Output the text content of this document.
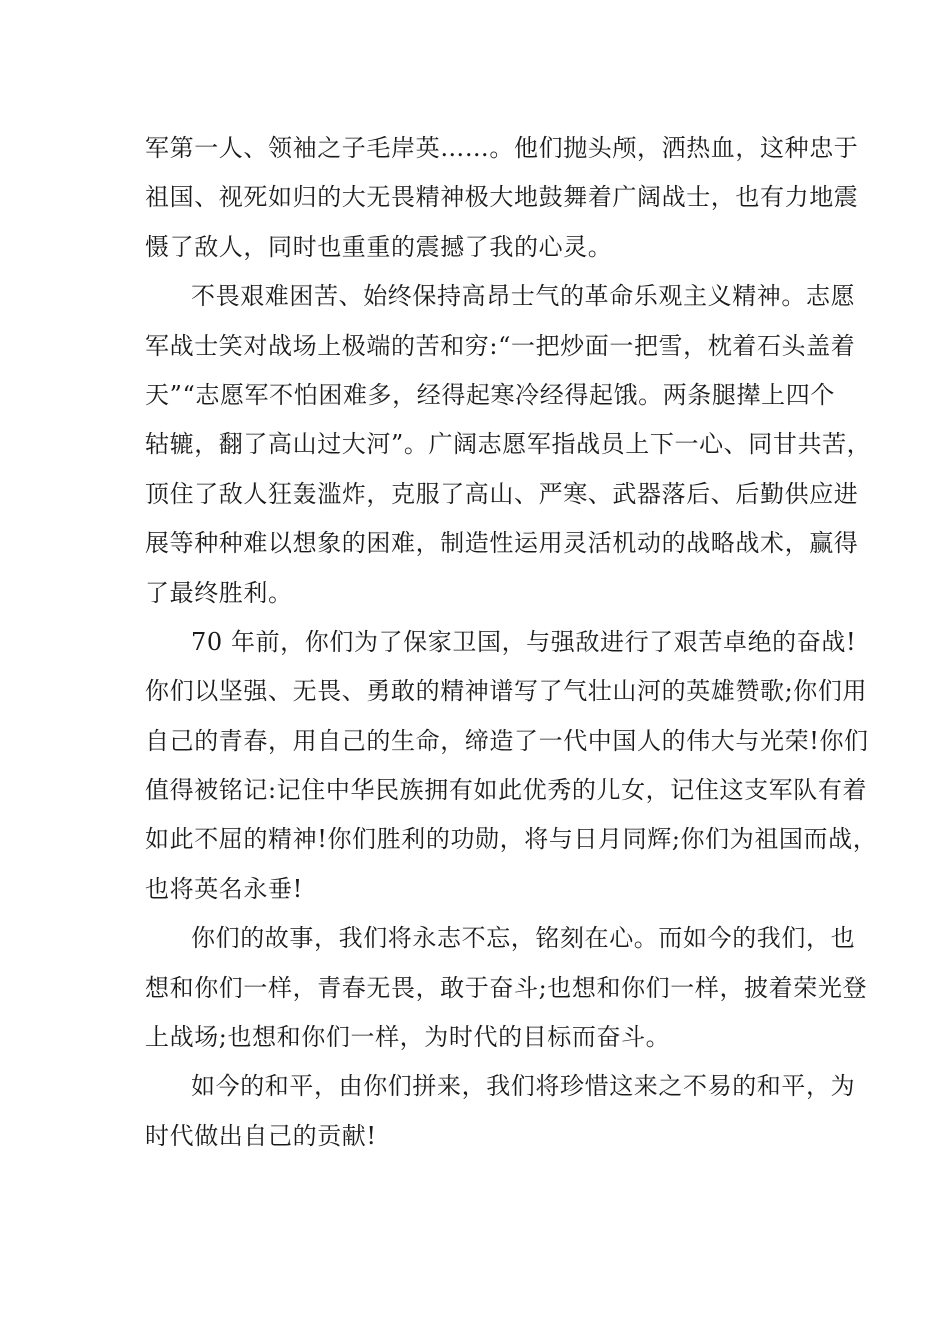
军第一人、领袖之子毛岸英……。他们抛头颅，洒热血，这种忠于
祖国、视死如归的大无畏精神极大地鼓舞着广阔战士，也有力地震
慑了敌人，同时也重重的震撼了我的心灵。
不畏艰难困苦、始终保持高昂士气的革命乐观主义精神。志愿
军战士笑对战场上极端的苦和穷:“一把炒面一把雪，枕着石头盖着
天”“志愿军不怕困难多，经得起寒冷经得起饿。两条腿撵上四个
轱辘，翻了高山过大河”。广阔志愿军指战员上下一心、同甘共苦，
顶住了敌人狂轰滥炸，克服了高山、严寒、武器落后、后勤供应进
展等种种难以想象的困难，制造性运用灵活机动的战略战术，赢得
了最终胜利。
70 年前，你们为了保家卫国，与强敌进行了艰苦卓绝的奋战!
你们以坚强、无畏、勇敢的精神谱写了气壮山河的英雄赞歌;你们用
自己的青春，用自己的生命，缔造了一代中国人的伟大与光荣!你们
值得被铭记:记住中华民族拥有如此优秀的儿女，记住这支军队有着
如此不屈的精神!你们胜利的功勋，将与日月同辉;你们为祖国而战，
也将英名永垂!
你们的故事，我们将永志不忘，铭刻在心。而如今的我们，也
想和你们一样，青春无畏，敢于奋斗;也想和你们一样，披着荣光登
上战场;也想和你们一样，为时代的目标而奋斗。
如今的和平，由你们拼来，我们将珍惜这来之不易的和平，为
时代做出自己的贡献!
